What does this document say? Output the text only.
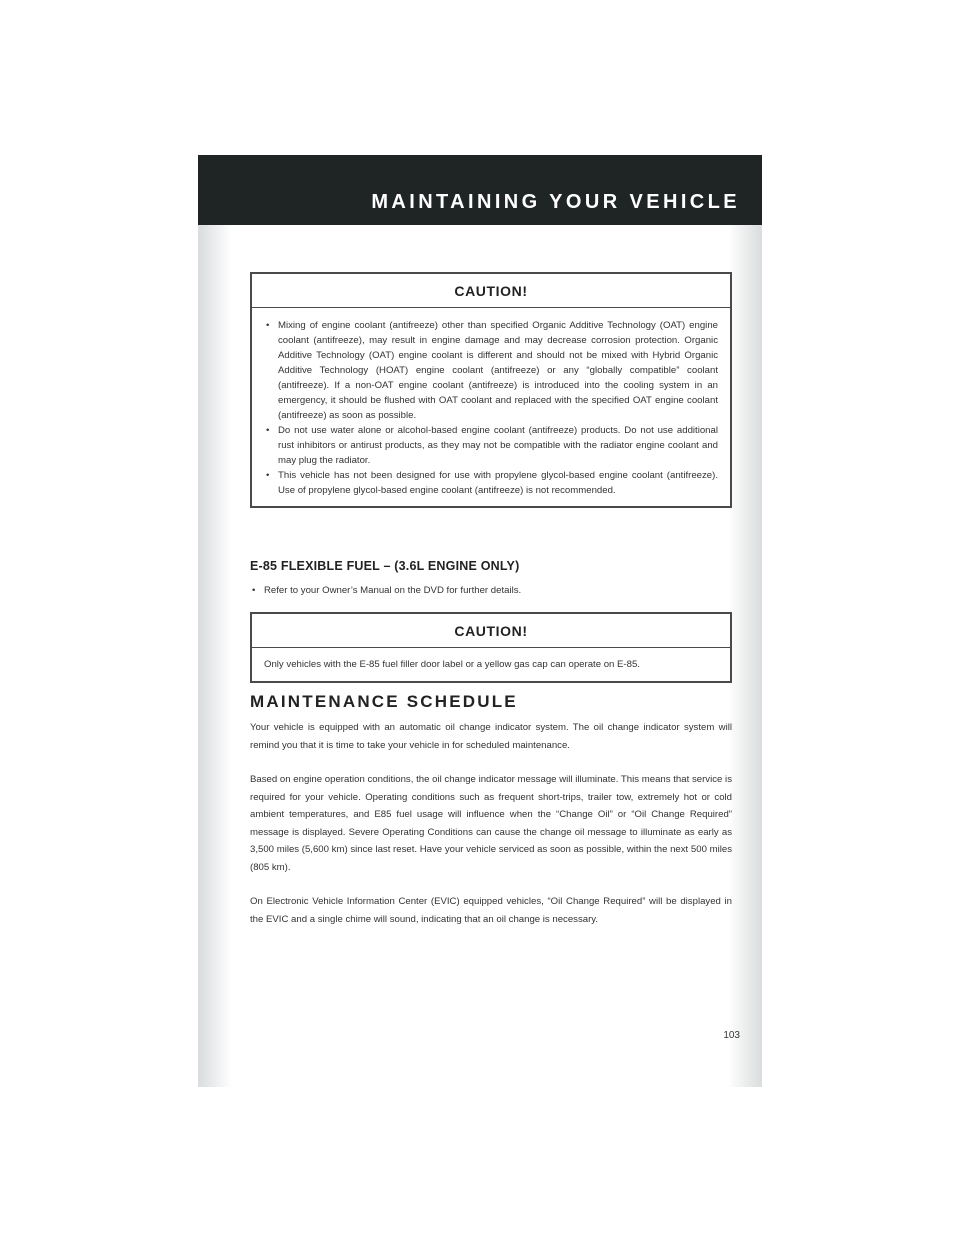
MAINTAINING YOUR VEHICLE
CAUTION!
• Mixing of engine coolant (antifreeze) other than specified Organic Additive Technology (OAT) engine coolant (antifreeze), may result in engine damage and may decrease corrosion protection. Organic Additive Technology (OAT) engine coolant is different and should not be mixed with Hybrid Organic Additive Technology (HOAT) engine coolant (antifreeze) or any “globally compatible” coolant (antifreeze). If a non-OAT engine coolant (antifreeze) is introduced into the cooling system in an emergency, it should be flushed with OAT coolant and replaced with the specified OAT engine coolant (antifreeze) as soon as possible.
• Do not use water alone or alcohol-based engine coolant (antifreeze) products. Do not use additional rust inhibitors or antirust products, as they may not be compatible with the radiator engine coolant and may plug the radiator.
• This vehicle has not been designed for use with propylene glycol-based engine coolant (antifreeze). Use of propylene glycol-based engine coolant (antifreeze) is not recommended.
E-85 FLEXIBLE FUEL – (3.6L ENGINE ONLY)
• Refer to your Owner’s Manual on the DVD for further details.
CAUTION!
Only vehicles with the E-85 fuel filler door label or a yellow gas cap can operate on E-85.
MAINTENANCE SCHEDULE
Your vehicle is equipped with an automatic oil change indicator system. The oil change indicator system will remind you that it is time to take your vehicle in for scheduled maintenance.
Based on engine operation conditions, the oil change indicator message will illuminate. This means that service is required for your vehicle. Operating conditions such as frequent short-trips, trailer tow, extremely hot or cold ambient temperatures, and E85 fuel usage will influence when the “Change Oil” or “Oil Change Required” message is displayed. Severe Operating Conditions can cause the change oil message to illuminate as early as 3,500 miles (5,600 km) since last reset. Have your vehicle serviced as soon as possible, within the next 500 miles (805 km).
On Electronic Vehicle Information Center (EVIC) equipped vehicles, “Oil Change Required” will be displayed in the EVIC and a single chime will sound, indicating that an oil change is necessary.
103
